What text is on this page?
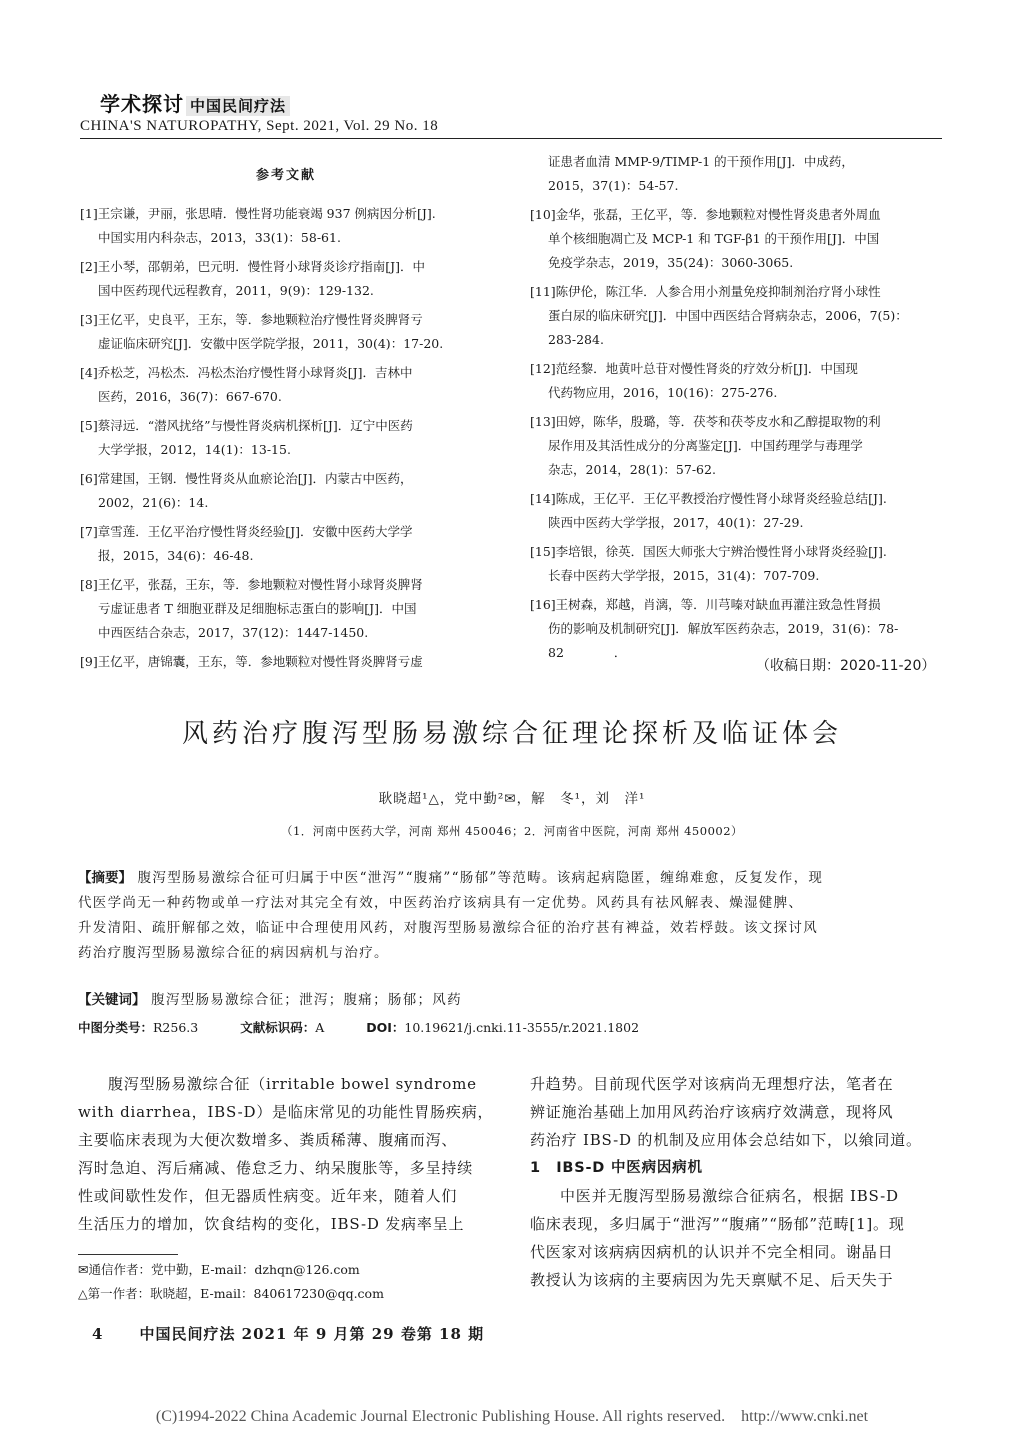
学术探讨 中国民间疗法
CHINA'S NATUROPATHY, Sept. 2021, Vol. 29 No. 18
参考文献
[1]王宗谦，尹丽，张思晴．慢性肾功能衰竭 937 例病因分析[J].
中国实用内科杂志，2013，33(1)：58-61.
[2]王小琴，邵朝弟，巴元明．慢性肾小球肾炎诊疗指南[J]．中
国中医药现代远程教育，2011，9(9)：129-132.
[3]王亿平，史良平，王东，等．参地颗粒治疗慢性肾炎脾肾亏
虚证临床研究[J]．安徽中医学院学报，2011，30(4)：17-20.
[4]乔松芝，冯松杰．冯松杰治疗慢性肾小球肾炎[J]．吉林中
医药，2016，36(7)：667-670.
[5]蔡浔远．“潜风扰络”与慢性肾炎病机探析[J]．辽宁中医药
大学学报，2012，14(1)：13-15.
[6]常建国，王钢．慢性肾炎从血瘀论治[J]．内蒙古中医药，
2002，21(6)：14.
[7]章雪莲．王亿平治疗慢性肾炎经验[J]．安徽中医药大学学
报，2015，34(6)：46-48.
[8]王亿平，张磊，王东，等．参地颗粒对慢性肾小球肾炎脾肾
亏虚证患者 T 细胞亚群及足细胞标志蛋白的影响[J]．中国
中西医结合杂志，2017，37(12)：1447-1450.
[9]王亿平，唐锦囊，王东，等．参地颗粒对慢性肾炎脾肾亏虚
证患者血清 MMP-9/TIMP-1 的干预作用[J]．中成药，
2015，37(1)：54-57.
[10]金华，张磊，王亿平，等．参地颗粒对慢性肾炎患者外周血
单个核细胞凋亡及 MCP-1 和 TGF-β1 的干预作用[J]．中国
免疫学杂志，2019，35(24)：3060-3065.
[11]陈伊伦，陈江华．人参合用小剂量免疫抑制剂治疗肾小球性
蛋白尿的临床研究[J]．中国中西医结合肾病杂志，2006，7(5)：
283-284.
[12]范经黎．地黄叶总苷对慢性肾炎的疗效分析[J]．中国现
代药物应用，2016，10(16)：275-276.
[13]田婷，陈华，殷璐，等．茯苓和茯苓皮水和乙醇提取物的利
尿作用及其活性成分的分离鉴定[J]．中国药理学与毒理学
杂志，2014，28(1)：57-62.
[14]陈成，王亿平．王亿平教授治疗慢性肾小球肾炎经验总结[J].
陕西中医药大学学报，2017，40(1)：27-29.
[15]李培银，徐英．国医大师张大宁辨治慢性肾小球肾炎经验[J].
长春中医药大学学报，2015，31(4)：707-709.
[16]王树森，郑越，肖漓，等．川芎嗪对缺血再灌注致急性肾损
伤的影响及机制研究[J]．解放军医药杂志，2019，31(6)：78-
82　　　　．
（收稿日期：2020-11-20）
风药治疗腹泻型肠易激综合征理论探析及临证体会
耿晓超¹△，党中勤²✉，解　冬¹，刘　洋¹
（1．河南中医药大学，河南 郑州 450046；2．河南省中医院，河南 郑州 450002）
【摘要】 腹泻型肠易激综合征可归属于中医“泄泻”“腹痛”“肠郁”等范畴。该病起病隐匿，缠绵难愈，反复发作，现
代医学尚无一种药物或单一疗法对其完全有效，中医药治疗该病具有一定优势。风药具有祛风解表、燥湿健脾、
升发清阳、疏肝解郁之效，临证中合理使用风药，对腹泻型肠易激综合征的治疗甚有裨益，效若桴鼓。该文探讨风
药治疗腹泻型肠易激综合征的病因病机与治疗。
【关键词】 腹泻型肠易激综合征；泄泻；腹痛；肠郁；风药
中图分类号：R256.3	文献标识码：A	DOI：10.19621/j.cnki.11-3555/r.2021.1802
腹泻型肠易激综合征（irritable bowel syndrome
with diarrhea，IBS-D）是临床常见的功能性胃肠疾病，
主要临床表现为大便次数增多、粪质稀薄、腹痛而泻、
泻时急迫、泻后痛减、倦怠乏力、纳呆腹胀等，多呈持续
性或间歇性发作，但无器质性病变。近年来，随着人们
生活压力的增加，饮食结构的变化，IBS-D 发病率呈上
升趋势。目前现代医学对该病尚无理想疗法，笔者在
辨证施治基础上加用风药治疗该病疗效满意，现将风
药治疗 IBS-D 的机制及应用体会总结如下，以飨同道。
1　IBS-D 中医病因病机
中医并无腹泻型肠易激综合征病名，根据 IBS-D
临床表现，多归属于“泄泻”“腹痛”“肠郁”范畴[1]。现
代医家对该病病因病机的认识并不完全相同。谢晶日
教授认为该病的主要病因为先天禀赋不足、后天失于
✉通信作者：党中勤，E-mail：dzhqn@126.com
△第一作者：耿晓超，E-mail：840617230@qq.com
4 中国民间疗法 2021 年 9 月第 29 卷第 18 期
(C)1994-2022 China Academic Journal Electronic Publishing House. All rights reserved.　http://www.cnki.net
